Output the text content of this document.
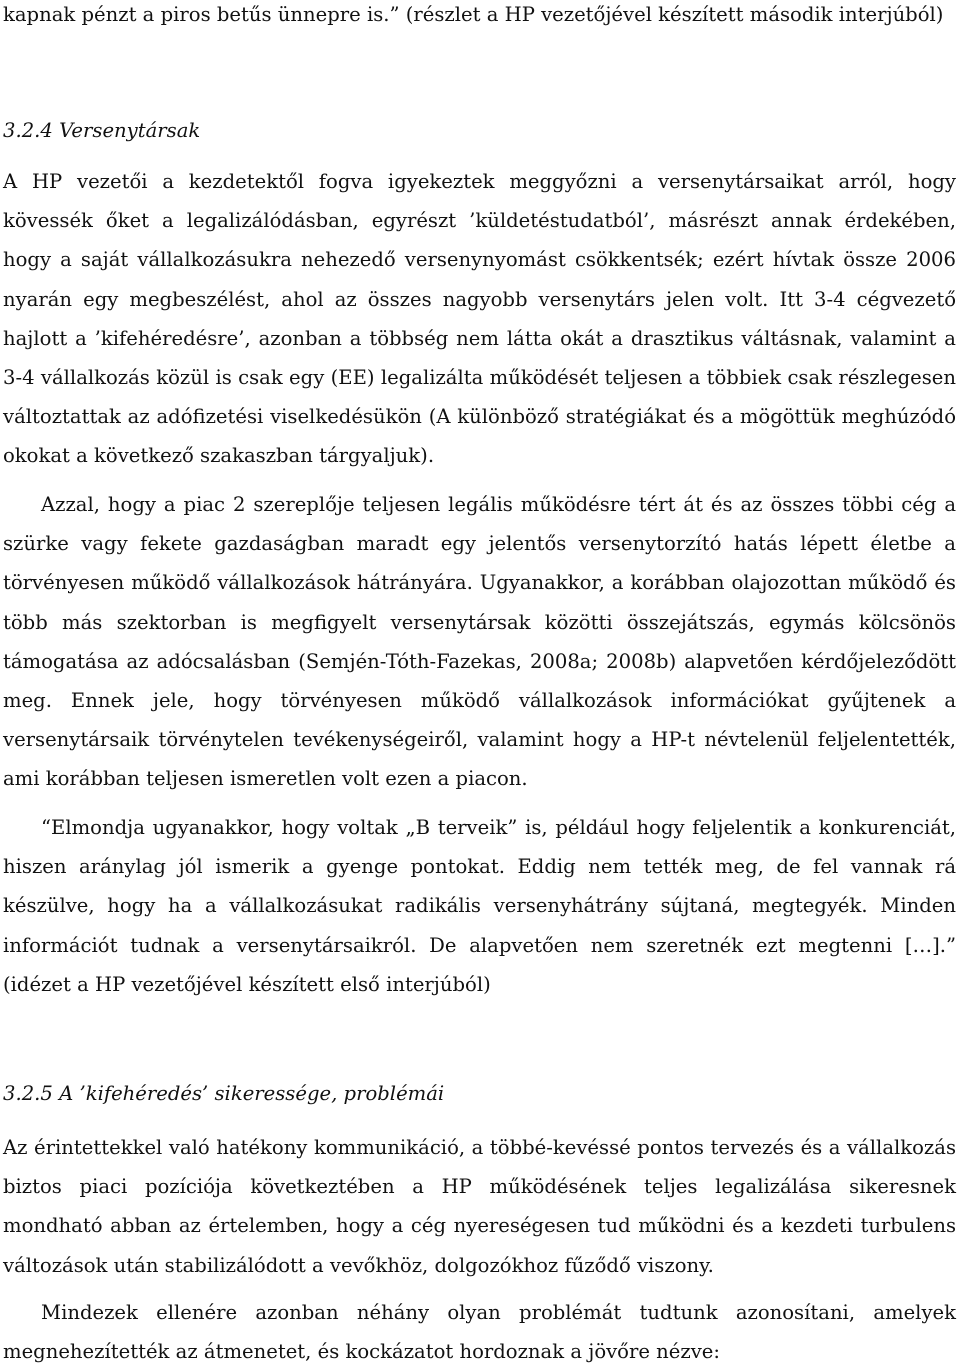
kapnak pénzt a piros betűs ünnepre is.” (részlet a HP vezetőjével készített második interjúból)

3.2.4 Versenytársak

A HP vezetői a kezdetektől fogva igyekeztek meggyőzni a versenytársaikat arról, hogy kövessék őket a legalizálódásban, egyrészt ’küldetéstudatból’, másrészt annak érdekében, hogy a saját vállalkozásukra nehezedő versenynyomást csökkentsék; ezért hívtak össze 2006 nyarán egy megbeszélést, ahol az összes nagyobb versenytárs jelen volt. Itt 3-4 cégvezető hajlott a ’kifehéredésre’, azonban a többség nem látta okát a drasztikus váltásnak, valamint a 3-4 vállalkozás közül is csak egy (EE) legalizálta működését teljesen a többiek csak részlegesen változtattak az adófizetési viselkedésükön (A különböző stratégiákat és a mögöttük meghúzódó okokat a következő szakaszban tárgyaljuk).

Azzal, hogy a piac 2 szereplője teljesen legális működésre tért át és az összes többi cég a szürke vagy fekete gazdaságban maradt egy jelentős versenytorzító hatás lépett életbe a törvényesen működő vállalkozások hátrányára. Ugyanakkor, a korábban olajozottan működő és több más szektorban is megfigyelt versenytársak közötti összejátszás, egymás kölcsönös támogatása az adócsalásban (Semjén-Tóth-Fazekas, 2008a; 2008b) alapvetően kérdőjeleződött meg. Ennek jele, hogy törvényesen működő vállalkozások információkat gyűjtenek a versenytársaik törvénytelen tevékenységeiről, valamint hogy a HP-t névtelenül feljelentették, ami korábban teljesen ismeretlen volt ezen a piacon.

“Elmondja ugyanakkor, hogy voltak „B terveik” is, például hogy feljelentik a konkurenciát, hiszen aránylag jól ismerik a gyenge pontokat. Eddig nem tették meg, de fel vannak rá készülve, hogy ha a vállalkozásukat radikális versenyhátrány sújtaná, megtegyék. Minden információt tudnak a versenytársaikról. De alapvetően nem szeretnék ezt megtenni […].” (idézet a HP vezetőjével készített első interjúból)

3.2.5 A ’kifehéredés’ sikeressége, problémái

Az érintettekkel való hatékony kommunikáció, a többé-kevéssé pontos tervezés és a vállalkozás biztos piaci pozíciója következtében a HP működésének teljes legalizálása sikeresnek mondható abban az értelemben, hogy a cég nyereségesen tud működni és a kezdeti turbulens változások után stabilizálódott a vevőkhöz, dolgozókhoz fűződő viszony.

Mindezek ellenére azonban néhány olyan problémát tudtunk azonosítani, amelyek megnehezítették az átmenetet, és kockázatot hordoznak a jövőre nézve:
